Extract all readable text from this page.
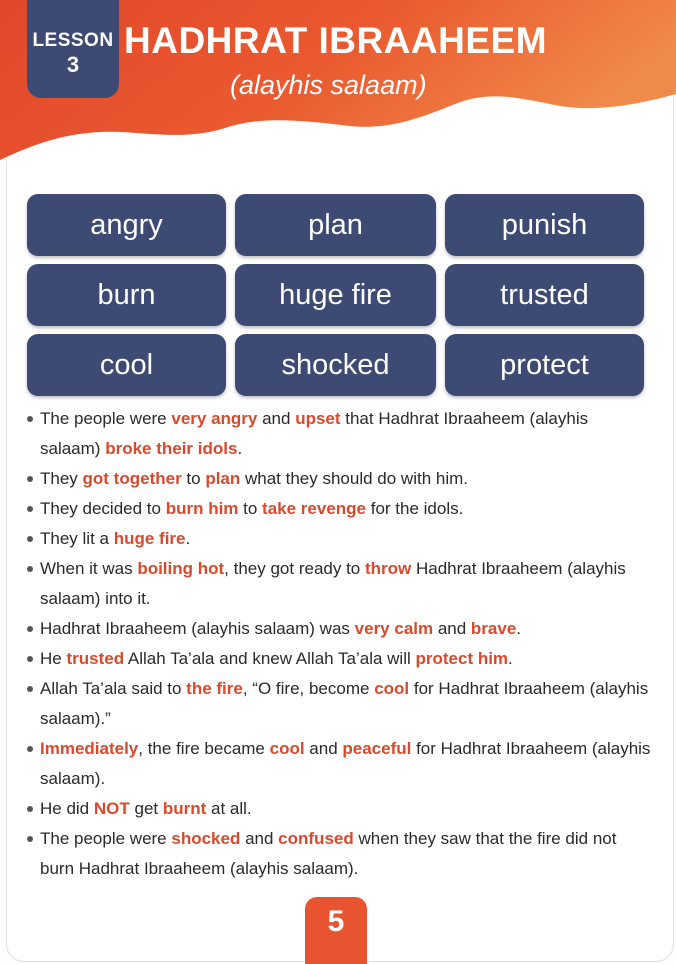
LESSON
3
HADHRAT IBRAAHEEM

(alayhis salaam)

angry	plan	punish
burn	huge fire	trusted
cool	shocked	protect
The people were very angry and upset that Hadhrat Ibraaheem (alayhis salaam) broke their idols.
They got together to plan what they should do with him.
They decided to burn him to take revenge for the idols.
They lit a huge fire.
When it was boiling hot, they got ready to throw Hadhrat Ibraaheem (alayhis salaam) into it.
Hadhrat Ibraaheem (alayhis salaam) was very calm and brave.
He trusted Allah Ta’ala and knew Allah Ta’ala will protect him.
Allah Ta’ala said to the fire, “O fire, become cool for Hadhrat Ibraaheem (alayhis salaam).”
Immediately, the fire became cool and peaceful for Hadhrat Ibraaheem (alayhis salaam).
He did NOT get burnt at all.
The people were shocked and confused when they saw that the fire did not burn Hadhrat Ibraaheem (alayhis salaam).
5
